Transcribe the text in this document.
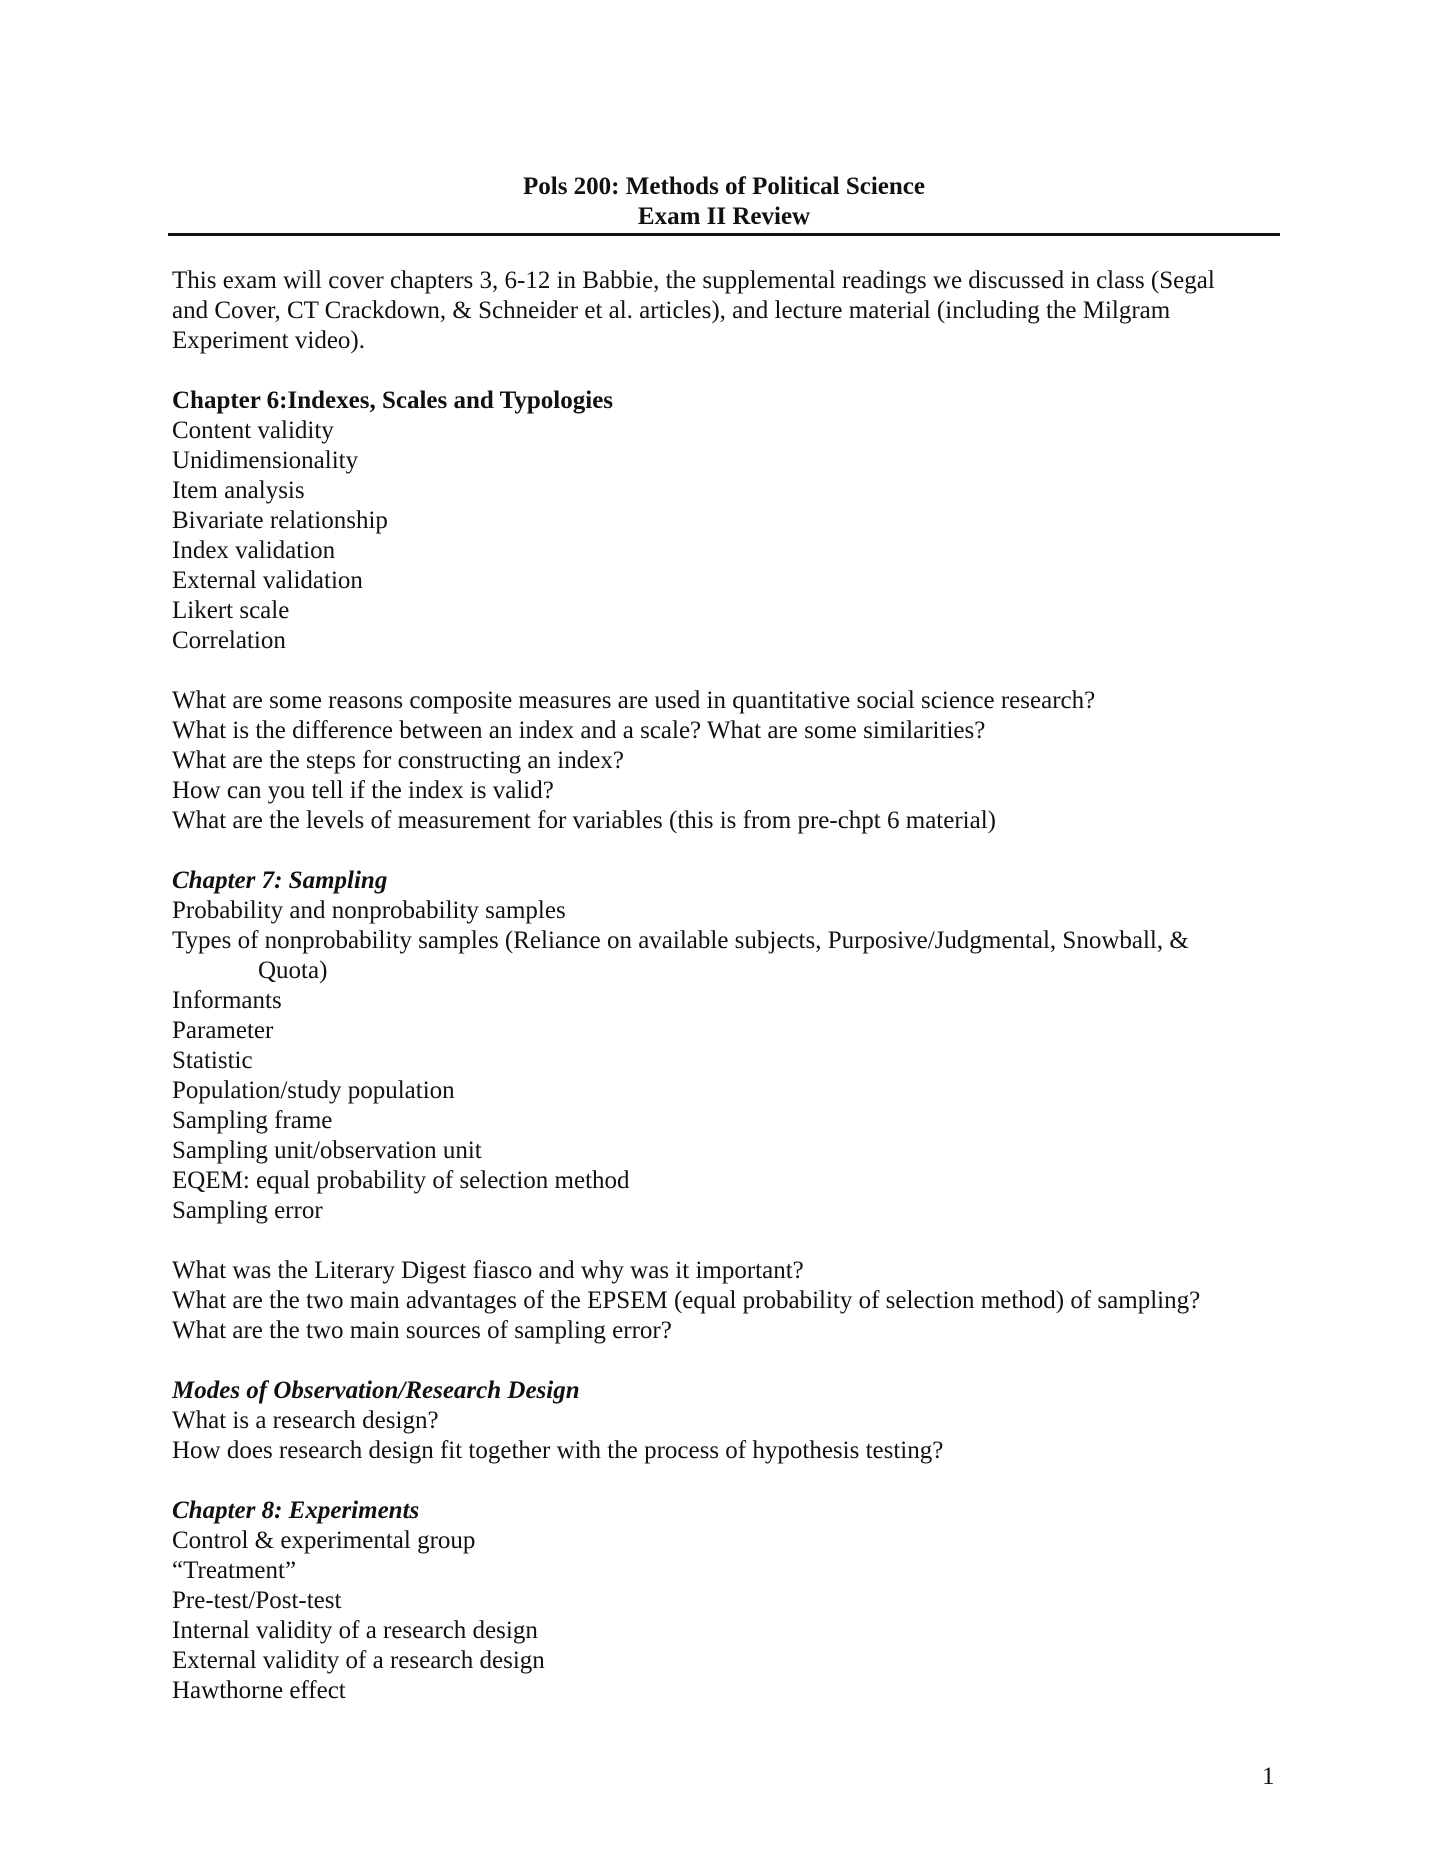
Pols 200: Methods of Political Science
Exam II Review

This exam will cover chapters 3, 6-12 in Babbie, the supplemental readings we discussed in class (Segal

and Cover, CT Crackdown, & Schneider et al. articles), and lecture material (including the Milgram

Experiment video).

Chapter 6:Indexes, Scales and Typologies

Content validity

Unidimensionality

Item analysis

Bivariate relationship

Index validation

External validation

Likert scale

Correlation

What are some reasons composite measures are used in quantitative social science research?

What is the difference between an index and a scale? What are some similarities?

What are the steps for constructing an index?

How can you tell if the index is valid?

What are the levels of measurement for variables (this is from pre-chpt 6 material)

Chapter 7: Sampling

Probability and nonprobability samples

Types of nonprobability samples (Reliance on available subjects, Purposive/Judgmental, Snowball, &

Quota)

Informants

Parameter

Statistic

Population/study population

Sampling frame

Sampling unit/observation unit

EQEM: equal probability of selection method

Sampling error

What was the Literary Digest fiasco and why was it important?

What are the two main advantages of the EPSEM (equal probability of selection method) of sampling?

What are the two main sources of sampling error?

Modes of Observation/Research Design

What is a research design?

How does research design fit together with the process of hypothesis testing?

Chapter 8: Experiments

Control & experimental group

“Treatment”

Pre-test/Post-test

Internal validity of a research design

External validity of a research design

Hawthorne effect

1
